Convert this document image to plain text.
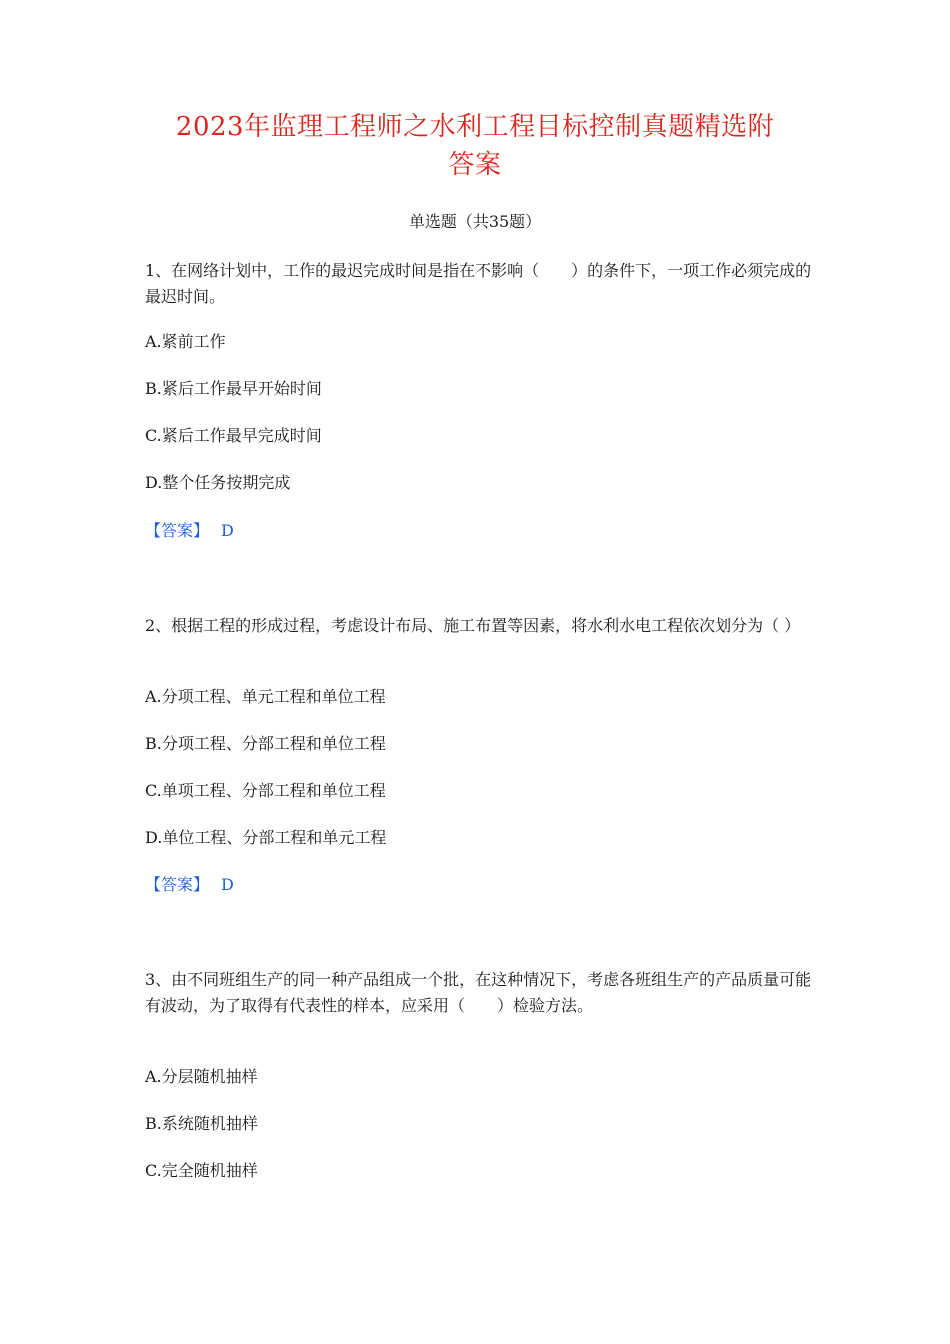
2023年监理工程师之水利工程目标控制真题精选附
答案
单选题（共35题）
1、在网络计划中，工作的最迟完成时间是指在不影响（　　）的条件下，一项工作必须完成的最迟时间。
A.紧前工作
B.紧后工作最早开始时间
C.紧后工作最早完成时间
D.整个任务按期完成
【答案】 D
2、根据工程的形成过程，考虑设计布局、施工布置等因素，将水利水电工程依次划分为（ ）
A.分项工程、单元工程和单位工程
B.分项工程、分部工程和单位工程
C.单项工程、分部工程和单位工程
D.单位工程、分部工程和单元工程
【答案】 D
3、由不同班组生产的同一种产品组成一个批，在这种情况下，考虑各班组生产的产品质量可能有波动，为了取得有代表性的样本，应采用（　　）检验方法。
A.分层随机抽样
B.系统随机抽样
C.完全随机抽样
